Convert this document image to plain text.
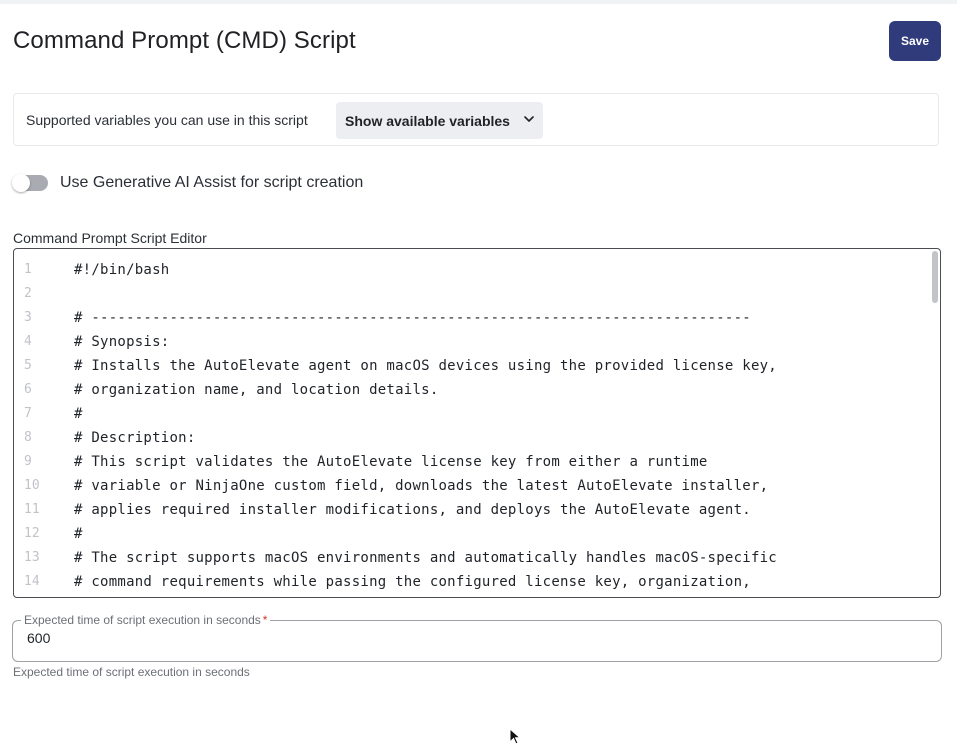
Command Prompt (CMD) Script	Save
Supported variables you can use in this script	Show available variables
Use Generative AI Assist for script creation
Command Prompt Script Editor
1	#!/bin/bash
2
3	# ----------------------------------------------------------------------------
4	# Synopsis:
5	# Installs the AutoElevate agent on macOS devices using the provided license key,
6	# organization name, and location details.
7	#
8	# Description:
9	# This script validates the AutoElevate license key from either a runtime
10	# variable or NinjaOne custom field, downloads the latest AutoElevate installer,
11	# applies required installer modifications, and deploys the AutoElevate agent.
12	#
13	# The script supports macOS environments and automatically handles macOS-specific
14	# command requirements while passing the configured license key, organization,
Expected time of script execution in seconds *
600
Expected time of script execution in seconds
